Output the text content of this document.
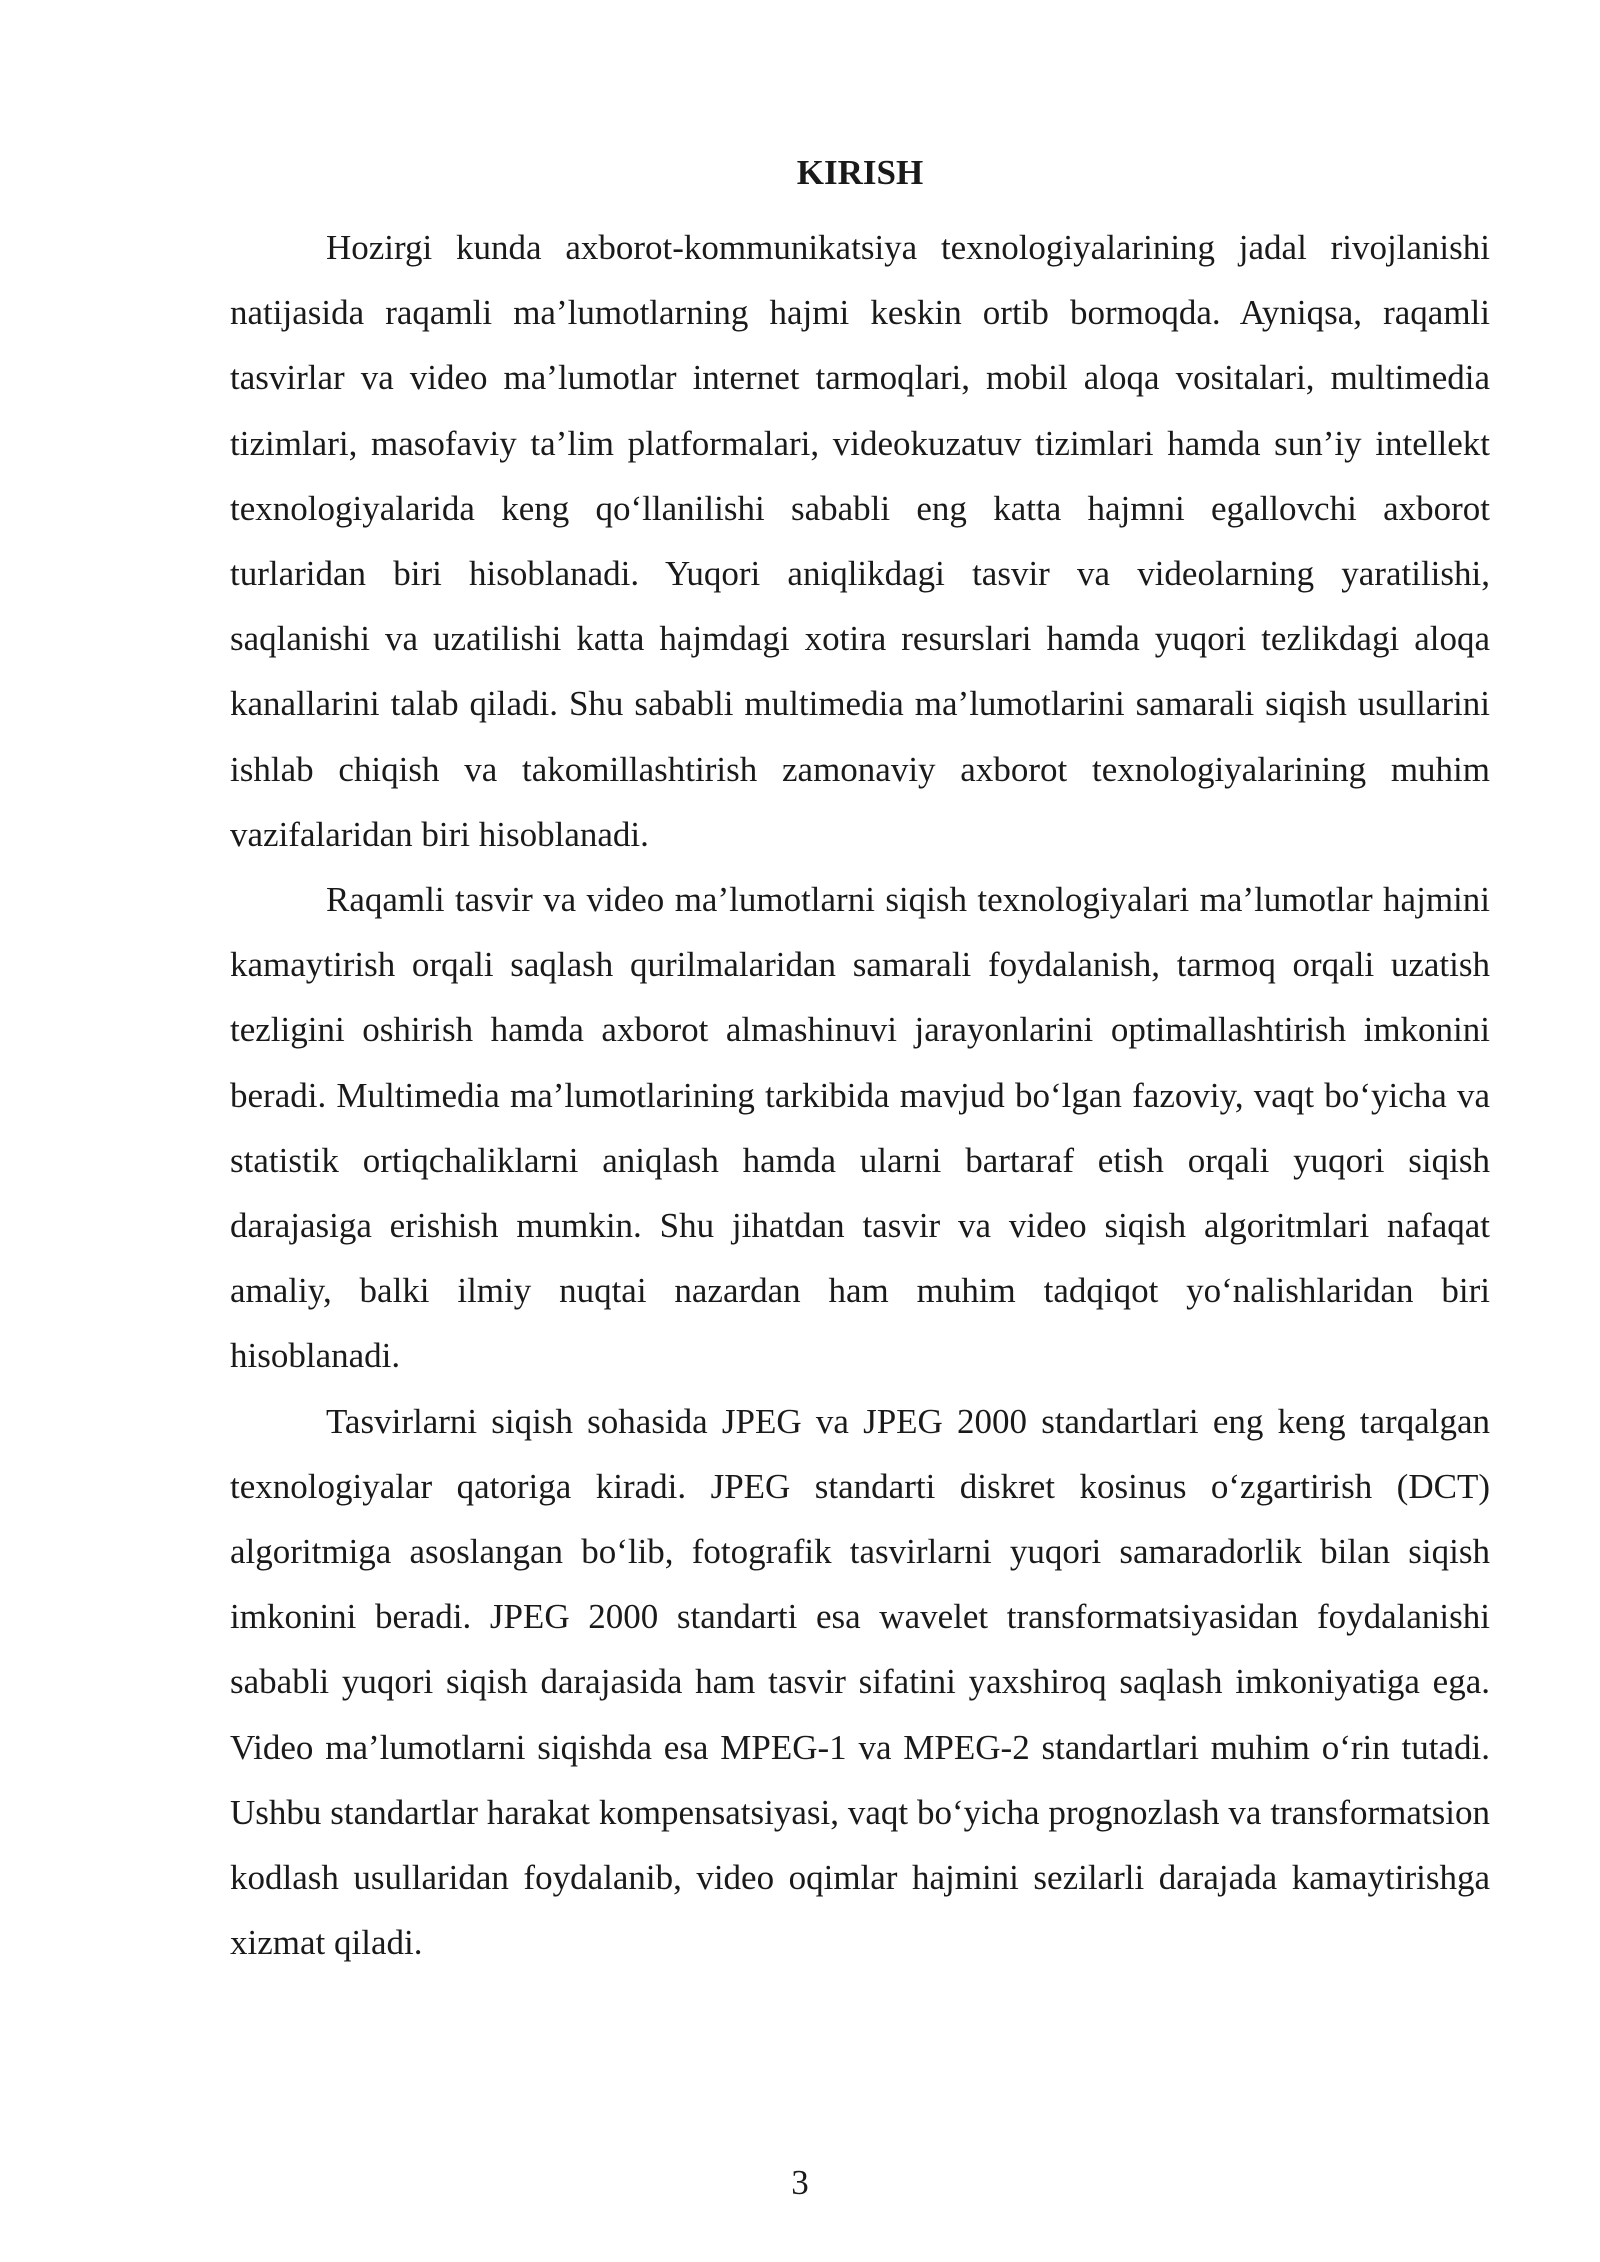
KIRISH

Hozirgi kunda axborot-kommunikatsiya texnologiyalarining jadal rivojlanishi natijasida raqamli ma’lumotlarning hajmi keskin ortib bormoqda. Ayniqsa, raqamli tasvirlar va video ma’lumotlar internet tarmoqlari, mobil aloqa vositalari, multimedia tizimlari, masofaviy ta’lim platformalari, videokuzatuv tizimlari hamda sun’iy intellekt texnologiyalarida keng qo‘llanilishi sababli eng katta hajmni egallovchi axborot turlaridan biri hisoblanadi. Yuqori aniqlikdagi tasvir va videolarning yaratilishi, saqlanishi va uzatilishi katta hajmdagi xotira resurslari hamda yuqori tezlikdagi aloqa kanallarini talab qiladi. Shu sababli multimedia ma’lumotlarini samarali siqish usullarini ishlab chiqish va takomillashtirish zamonaviy axborot texnologiyalarining muhim vazifalaridan biri hisoblanadi.

Raqamli tasvir va video ma’lumotlarni siqish texnologiyalari ma’lumotlar hajmini kamaytirish orqali saqlash qurilmalaridan samarali foydalanish, tarmoq orqali uzatish tezligini oshirish hamda axborot almashinuvi jarayonlarini optimallashtirish imkonini beradi. Multimedia ma’lumotlarining tarkibida mavjud bo‘lgan fazoviy, vaqt bo‘yicha va statistik ortiqchaliklarni aniqlash hamda ularni bartaraf etish orqali yuqori siqish darajasiga erishish mumkin. Shu jihatdan tasvir va video siqish algoritmlari nafaqat amaliy, balki ilmiy nuqtai nazardan ham muhim tadqiqot yo‘nalishlaridan biri hisoblanadi.

Tasvirlarni siqish sohasida JPEG va JPEG 2000 standartlari eng keng tarqalgan texnologiyalar qatoriga kiradi. JPEG standarti diskret kosinus o‘zgartirish (DCT) algoritmiga asoslangan bo‘lib, fotografik tasvirlarni yuqori samaradorlik bilan siqish imkonini beradi. JPEG 2000 standarti esa wavelet transformatsiyasidan foydalanishi sababli yuqori siqish darajasida ham tasvir sifatini yaxshiroq saqlash imkoniyatiga ega. Video ma’lumotlarni siqishda esa MPEG-1 va MPEG-2 standartlari muhim o‘rin tutadi. Ushbu standartlar harakat kompensatsiyasi, vaqt bo‘yicha prognozlash va transformatsion kodlash usullaridan foydalanib, video oqimlar hajmini sezilarli darajada kamaytirishga xizmat qiladi.

3
